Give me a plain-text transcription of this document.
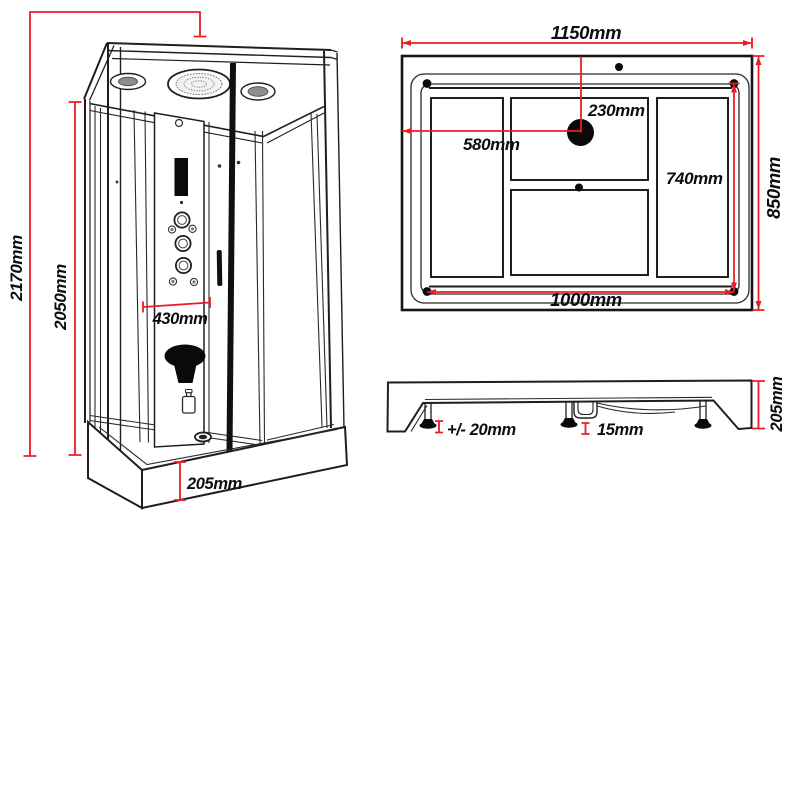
2170mm 2050mm	430mm
205mm
1150mm
850mm
1000mm
740mm
580mm
230mm
+/- 20mm	15mm	205mm
